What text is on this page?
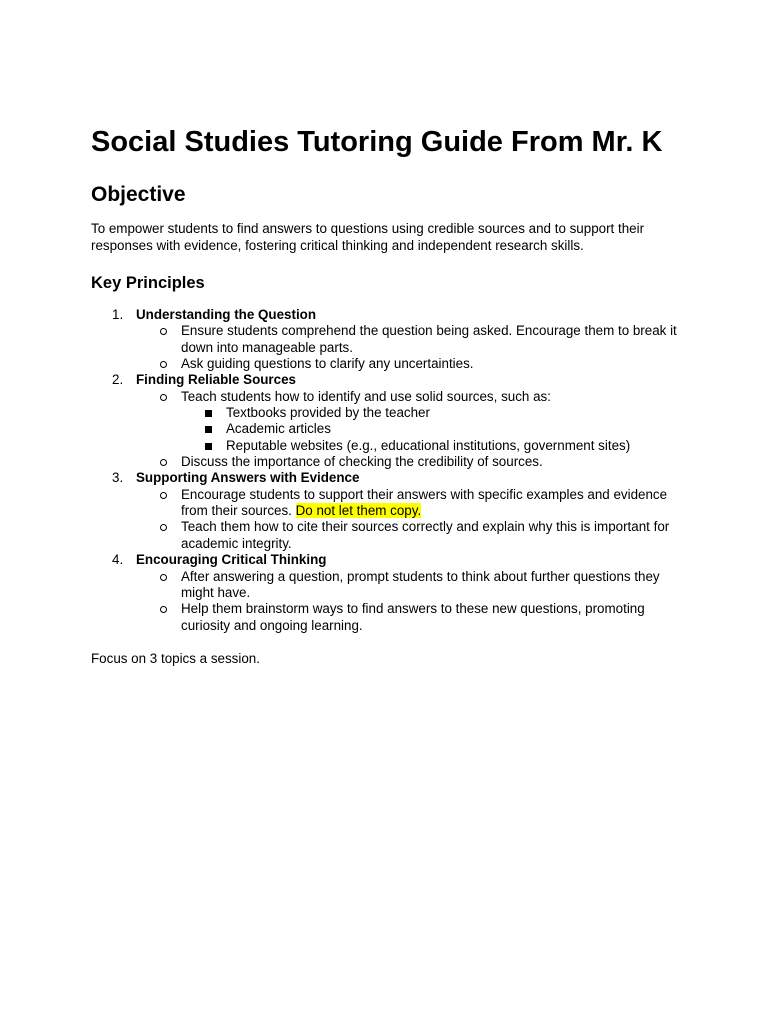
Social Studies Tutoring Guide From Mr. K
Objective

To empower students to find answers to questions using credible sources and to support their responses with evidence, fostering critical thinking and independent research skills.

Key Principles
1. Understanding the Question
Ensure students comprehend the question being asked. Encourage them to break it down into manageable parts.
Ask guiding questions to clarify any uncertainties.
2. Finding Reliable Sources
Teach students how to identify and use solid sources, such as:
Textbooks provided by the teacher
Academic articles
Reputable websites (e.g., educational institutions, government sites)
Discuss the importance of checking the credibility of sources.
3. Supporting Answers with Evidence
Encourage students to support their answers with specific examples and evidence from their sources. Do not let them copy.
Teach them how to cite their sources correctly and explain why this is important for academic integrity.
4. Encouraging Critical Thinking
After answering a question, prompt students to think about further questions they might have.
Help them brainstorm ways to find answers to these new questions, promoting curiosity and ongoing learning.

Focus on 3 topics a session.
